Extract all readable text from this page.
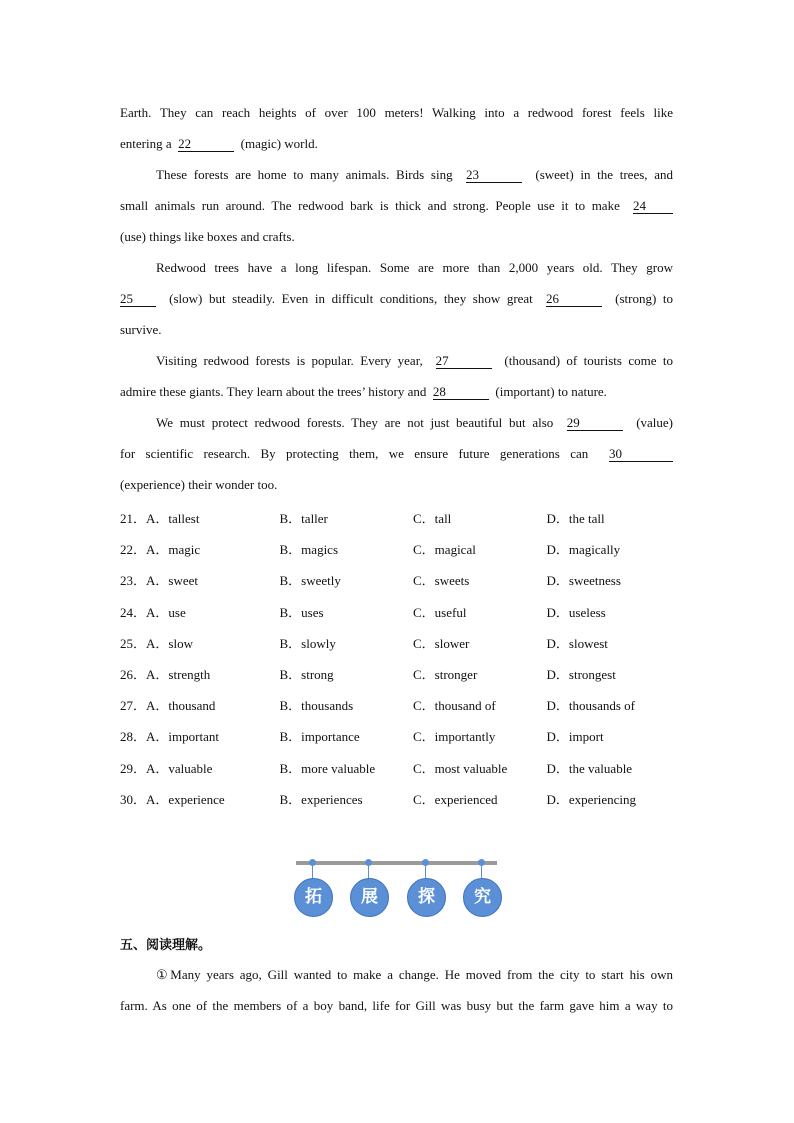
Earth. They can reach heights of over 100 meters! Walking into a redwood forest feels like
entering a 22	(magic) world.
These forests are home to many animals. Birds sing 23	(sweet) in the trees, and
small animals run around. The redwood bark is thick and strong. People use it to make 24
(use) things like boxes and crafts.
Redwood trees have a long lifespan. Some are more than 2,000 years old. They grow
25	(slow) but steadily. Even in difficult conditions, they show great 26	(strong) to
survive.
Visiting redwood forests is popular. Every year, 27	(thousand) of tourists come to
admire these giants. They learn about the trees’ history and 28	(important) to nature.
We must protect redwood forests. They are not just beautiful but also 29	(value)
for scientific research. By protecting them, we ensure future generations can 30
(experience) their wonder too.
21． A．tallest	B．taller	C．tall	D．the tall
22． A．magic	B．magics	C．magical	D．magically
23． A．sweet	B．sweetly	C．sweets	D．sweetness
24． A．use	B．uses	C．useful	D．useless
25． A．slow	B．slowly	C．slower	D．slowest
26． A．strength	B．strong	C．stronger	D．strongest
27． A．thousand	B．thousands	C．thousand of	D．thousands of
28． A．important	B．importance	C．importantly	D．import
29． A．valuable	B．more valuable	C．most valuable	D．the valuable
30． A．experience	B．experiences	C．experienced	D．experiencing
拓	展	探	究
五、阅读理解。
①Many years ago, Gill wanted to make a change. He moved from the city to start his own
farm. As one of the members of a boy band, life for Gill was busy but the farm gave him a way to
